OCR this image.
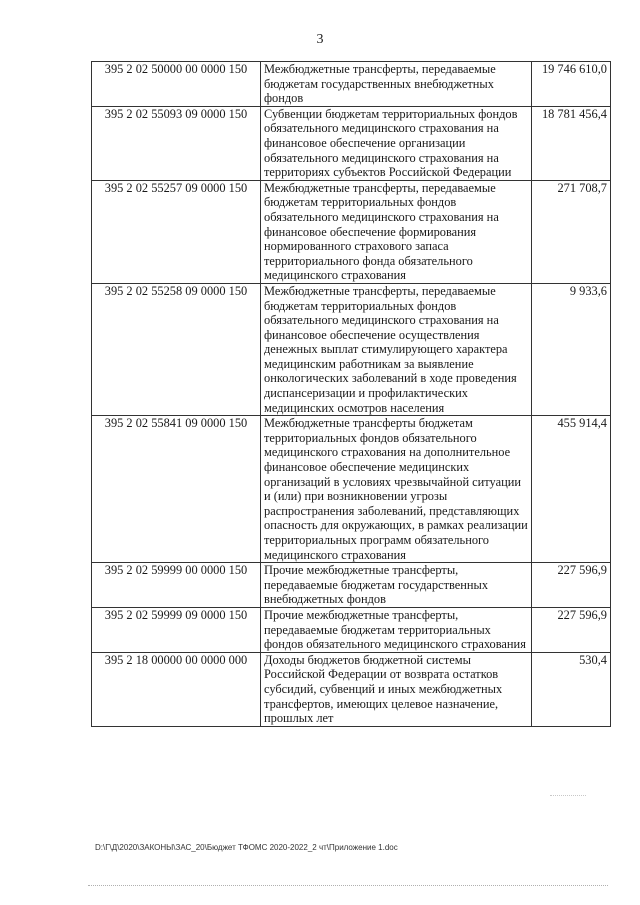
3
395 2 02 50000 00 0000 150	Межбюджетные трансферты, передаваемые бюджетам государственных внебюджетных фондов	19 746 610,0
395 2 02 55093 09 0000 150	Субвенции бюджетам территориальных фондов обязательного медицинского страхования на финансовое обеспечение организации обязательного медицинского страхования на территориях субъектов Российской Федерации	18 781 456,4
395 2 02 55257 09 0000 150	Межбюджетные трансферты, передаваемые бюджетам территориальных фондов обязательного медицинского страхования на финансовое обеспечение формирования нормированного страхового запаса территориального фонда обязательного медицинского страхования	271 708,7
395 2 02 55258 09 0000 150	Межбюджетные трансферты, передаваемые бюджетам территориальных фондов обязательного медицинского страхования на финансовое обеспечение осуществления денежных выплат стимулирующего характера медицинским работникам за выявление онкологических заболеваний в ходе проведения диспансеризации и профилактических медицинских осмотров населения	9 933,6
395 2 02 55841 09 0000 150	Межбюджетные трансферты бюджетам территориальных фондов обязательного медицинского страхования на дополнительное финансовое обеспечение медицинских организаций в условиях чрезвычайной ситуации и (или) при возникновении угрозы распространения заболеваний, представляющих опасность для окружающих, в рамках реализации территориальных программ обязательного медицинского страхования	455 914,4
395 2 02 59999 00 0000 150	Прочие межбюджетные трансферты, передаваемые бюджетам государственных внебюджетных фондов	227 596,9
395 2 02 59999 09 0000 150	Прочие межбюджетные трансферты, передаваемые бюджетам территориальных фондов обязательного медицинского страхования	227 596,9
395 2 18 00000 00 0000 000	Доходы бюджетов бюджетной системы Российской Федерации от возврата остатков субсидий, субвенций и иных межбюджетных трансфертов, имеющих целевое назначение, прошлых лет	530,4
D:\Г\Д\2020\ЗАКОНЫ\ЗАС_20\Бюджет ТФОМС 2020-2022_2 чт\Приложение 1.doc
